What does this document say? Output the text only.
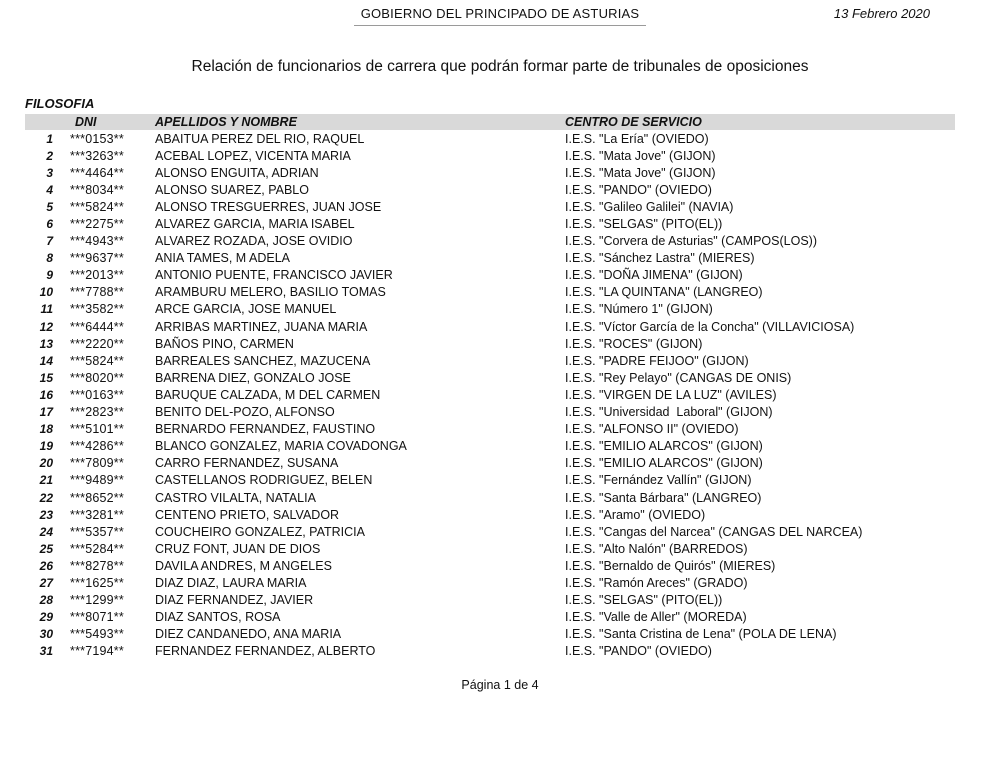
GOBIERNO DEL PRINCIPADO DE ASTURIAS	13 Febrero 2020
Relación de funcionarios de carrera que podrán formar parte de tribunales de oposiciones
FILOSOFIA
DNI	APELLIDOS Y NOMBRE	CENTRO DE SERVICIO
1	***0153**	ABAITUA PEREZ DEL RIO, RAQUEL	I.E.S. "La Ería" (OVIEDO)
2	***3263**	ACEBAL LOPEZ, VICENTA MARIA	I.E.S. "Mata Jove" (GIJON)
3	***4464**	ALONSO ENGUITA, ADRIAN	I.E.S. "Mata Jove" (GIJON)
4	***8034**	ALONSO SUAREZ, PABLO	I.E.S. "PANDO" (OVIEDO)
5	***5824**	ALONSO TRESGUERRES, JUAN JOSE	I.E.S. "Galileo Galilei" (NAVIA)
6	***2275**	ALVAREZ GARCIA, MARIA ISABEL	I.E.S. "SELGAS" (PITO(EL))
7	***4943**	ALVAREZ ROZADA, JOSE OVIDIO	I.E.S. "Corvera de Asturias" (CAMPOS(LOS))
8	***9637**	ANIA TAMES, M ADELA	I.E.S. "Sánchez Lastra" (MIERES)
9	***2013**	ANTONIO PUENTE, FRANCISCO JAVIER	I.E.S. "DOÑA JIMENA" (GIJON)
10	***7788**	ARAMBURU MELERO, BASILIO TOMAS	I.E.S. "LA QUINTANA" (LANGREO)
11	***3582**	ARCE GARCIA, JOSE MANUEL	I.E.S. "Número 1" (GIJON)
12	***6444**	ARRIBAS MARTINEZ, JUANA MARIA	I.E.S. "Víctor García de la Concha" (VILLAVICIOSA)
13	***2220**	BAÑOS PINO, CARMEN	I.E.S. "ROCES" (GIJON)
14	***5824**	BARREALES SANCHEZ, MAZUCENA	I.E.S. "PADRE FEIJOO" (GIJON)
15	***8020**	BARRENA DIEZ, GONZALO JOSE	I.E.S. "Rey Pelayo" (CANGAS DE ONIS)
16	***0163**	BARUQUE CALZADA, M DEL CARMEN	I.E.S. "VIRGEN DE LA LUZ" (AVILES)
17	***2823**	BENITO DEL-POZO, ALFONSO	I.E.S. "Universidad  Laboral" (GIJON)
18	***5101**	BERNARDO FERNANDEZ, FAUSTINO	I.E.S. "ALFONSO II" (OVIEDO)
19	***4286**	BLANCO GONZALEZ, MARIA COVADONGA	I.E.S. "EMILIO ALARCOS" (GIJON)
20	***7809**	CARRO FERNANDEZ, SUSANA	I.E.S. "EMILIO ALARCOS" (GIJON)
21	***9489**	CASTELLANOS RODRIGUEZ, BELEN	I.E.S. "Fernández Vallín" (GIJON)
22	***8652**	CASTRO VILALTA, NATALIA	I.E.S. "Santa Bárbara" (LANGREO)
23	***3281**	CENTENO PRIETO, SALVADOR	I.E.S. "Aramo" (OVIEDO)
24	***5357**	COUCHEIRO GONZALEZ, PATRICIA	I.E.S. "Cangas del Narcea" (CANGAS DEL NARCEA)
25	***5284**	CRUZ FONT, JUAN DE DIOS	I.E.S. "Alto Nalón" (BARREDOS)
26	***8278**	DAVILA ANDRES, M ANGELES	I.E.S. "Bernaldo de Quirós" (MIERES)
27	***1625**	DIAZ DIAZ, LAURA MARIA	I.E.S. "Ramón Areces" (GRADO)
28	***1299**	DIAZ FERNANDEZ, JAVIER	I.E.S. "SELGAS" (PITO(EL))
29	***8071**	DIAZ SANTOS, ROSA	I.E.S. "Valle de Aller" (MOREDA)
30	***5493**	DIEZ CANDANEDO, ANA MARIA	I.E.S. "Santa Cristina de Lena" (POLA DE LENA)
31	***7194**	FERNANDEZ FERNANDEZ, ALBERTO	I.E.S. "PANDO" (OVIEDO)
Página 1 de 4
